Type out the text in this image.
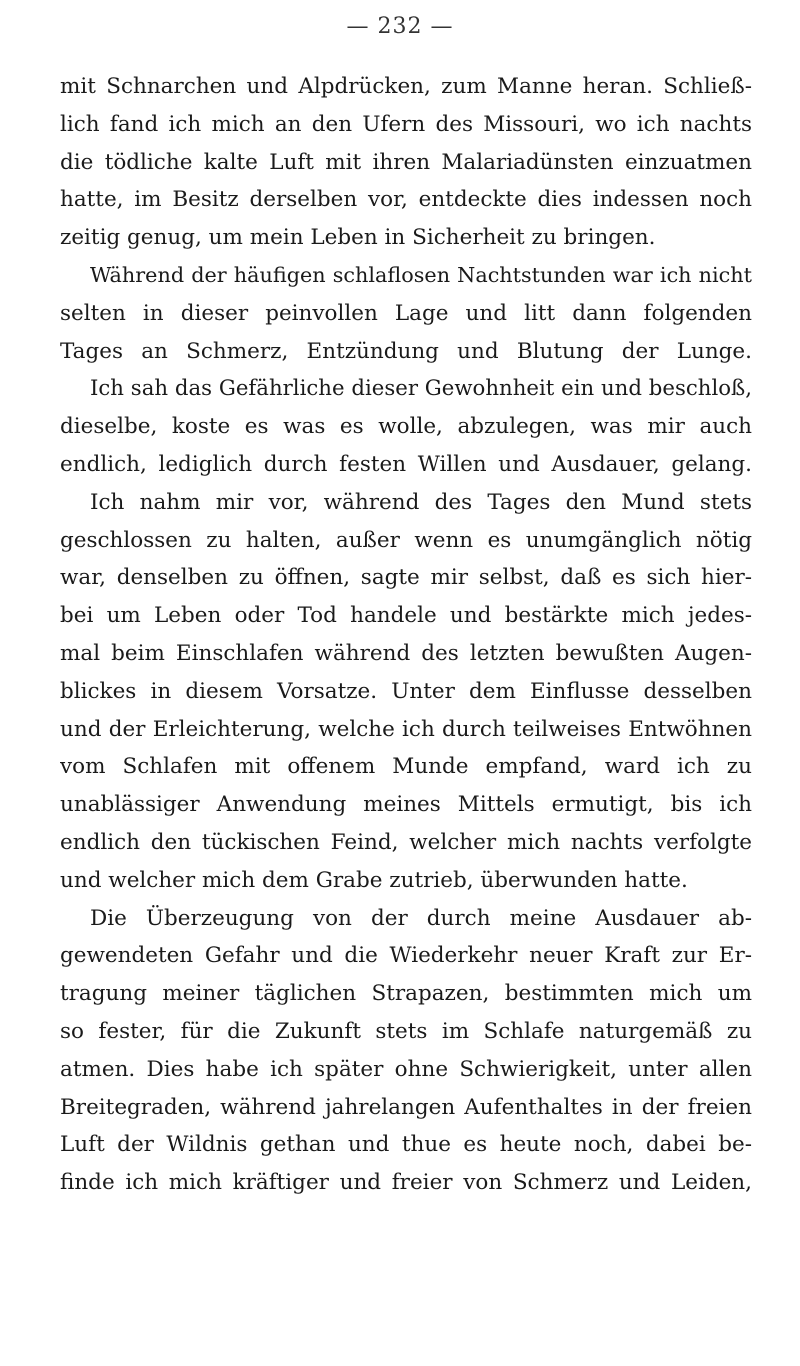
— 232 —
mit Schnarchen und Alpdrücken, zum Manne heran. Schließ-
lich fand ich mich an den Ufern des Missouri, wo ich nachts
die tödliche kalte Luft mit ihren Malariadünsten einzuatmen
hatte, im Besitz derselben vor, entdeckte dies indessen noch
zeitig genug, um mein Leben in Sicherheit zu bringen.
Während der häufigen schlaflosen Nachtstunden war ich nicht
selten in dieser peinvollen Lage und litt dann folgenden
Tages an Schmerz, Entzündung und Blutung der Lunge.
Ich sah das Gefährliche dieser Gewohnheit ein und beschloß,
dieselbe, koste es was es wolle, abzulegen, was mir auch
endlich, lediglich durch festen Willen und Ausdauer, gelang.
Ich nahm mir vor, während des Tages den Mund stets
geschlossen zu halten, außer wenn es unumgänglich nötig
war, denselben zu öffnen, sagte mir selbst, daß es sich hier-
bei um Leben oder Tod handele und bestärkte mich jedes-
mal beim Einschlafen während des letzten bewußten Augen-
blickes in diesem Vorsatze. Unter dem Einflusse desselben
und der Erleichterung, welche ich durch teilweises Entwöhnen
vom Schlafen mit offenem Munde empfand, ward ich zu
unablässiger Anwendung meines Mittels ermutigt, bis ich
endlich den tückischen Feind, welcher mich nachts verfolgte
und welcher mich dem Grabe zutrieb, überwunden hatte.
Die Überzeugung von der durch meine Ausdauer ab-
gewendeten Gefahr und die Wiederkehr neuer Kraft zur Er-
tragung meiner täglichen Strapazen, bestimmten mich um
so fester, für die Zukunft stets im Schlafe naturgemäß zu
atmen. Dies habe ich später ohne Schwierigkeit, unter allen
Breitegraden, während jahrelangen Aufenthaltes in der freien
Luft der Wildnis gethan und thue es heute noch, dabei be-
finde ich mich kräftiger und freier von Schmerz und Leiden,
